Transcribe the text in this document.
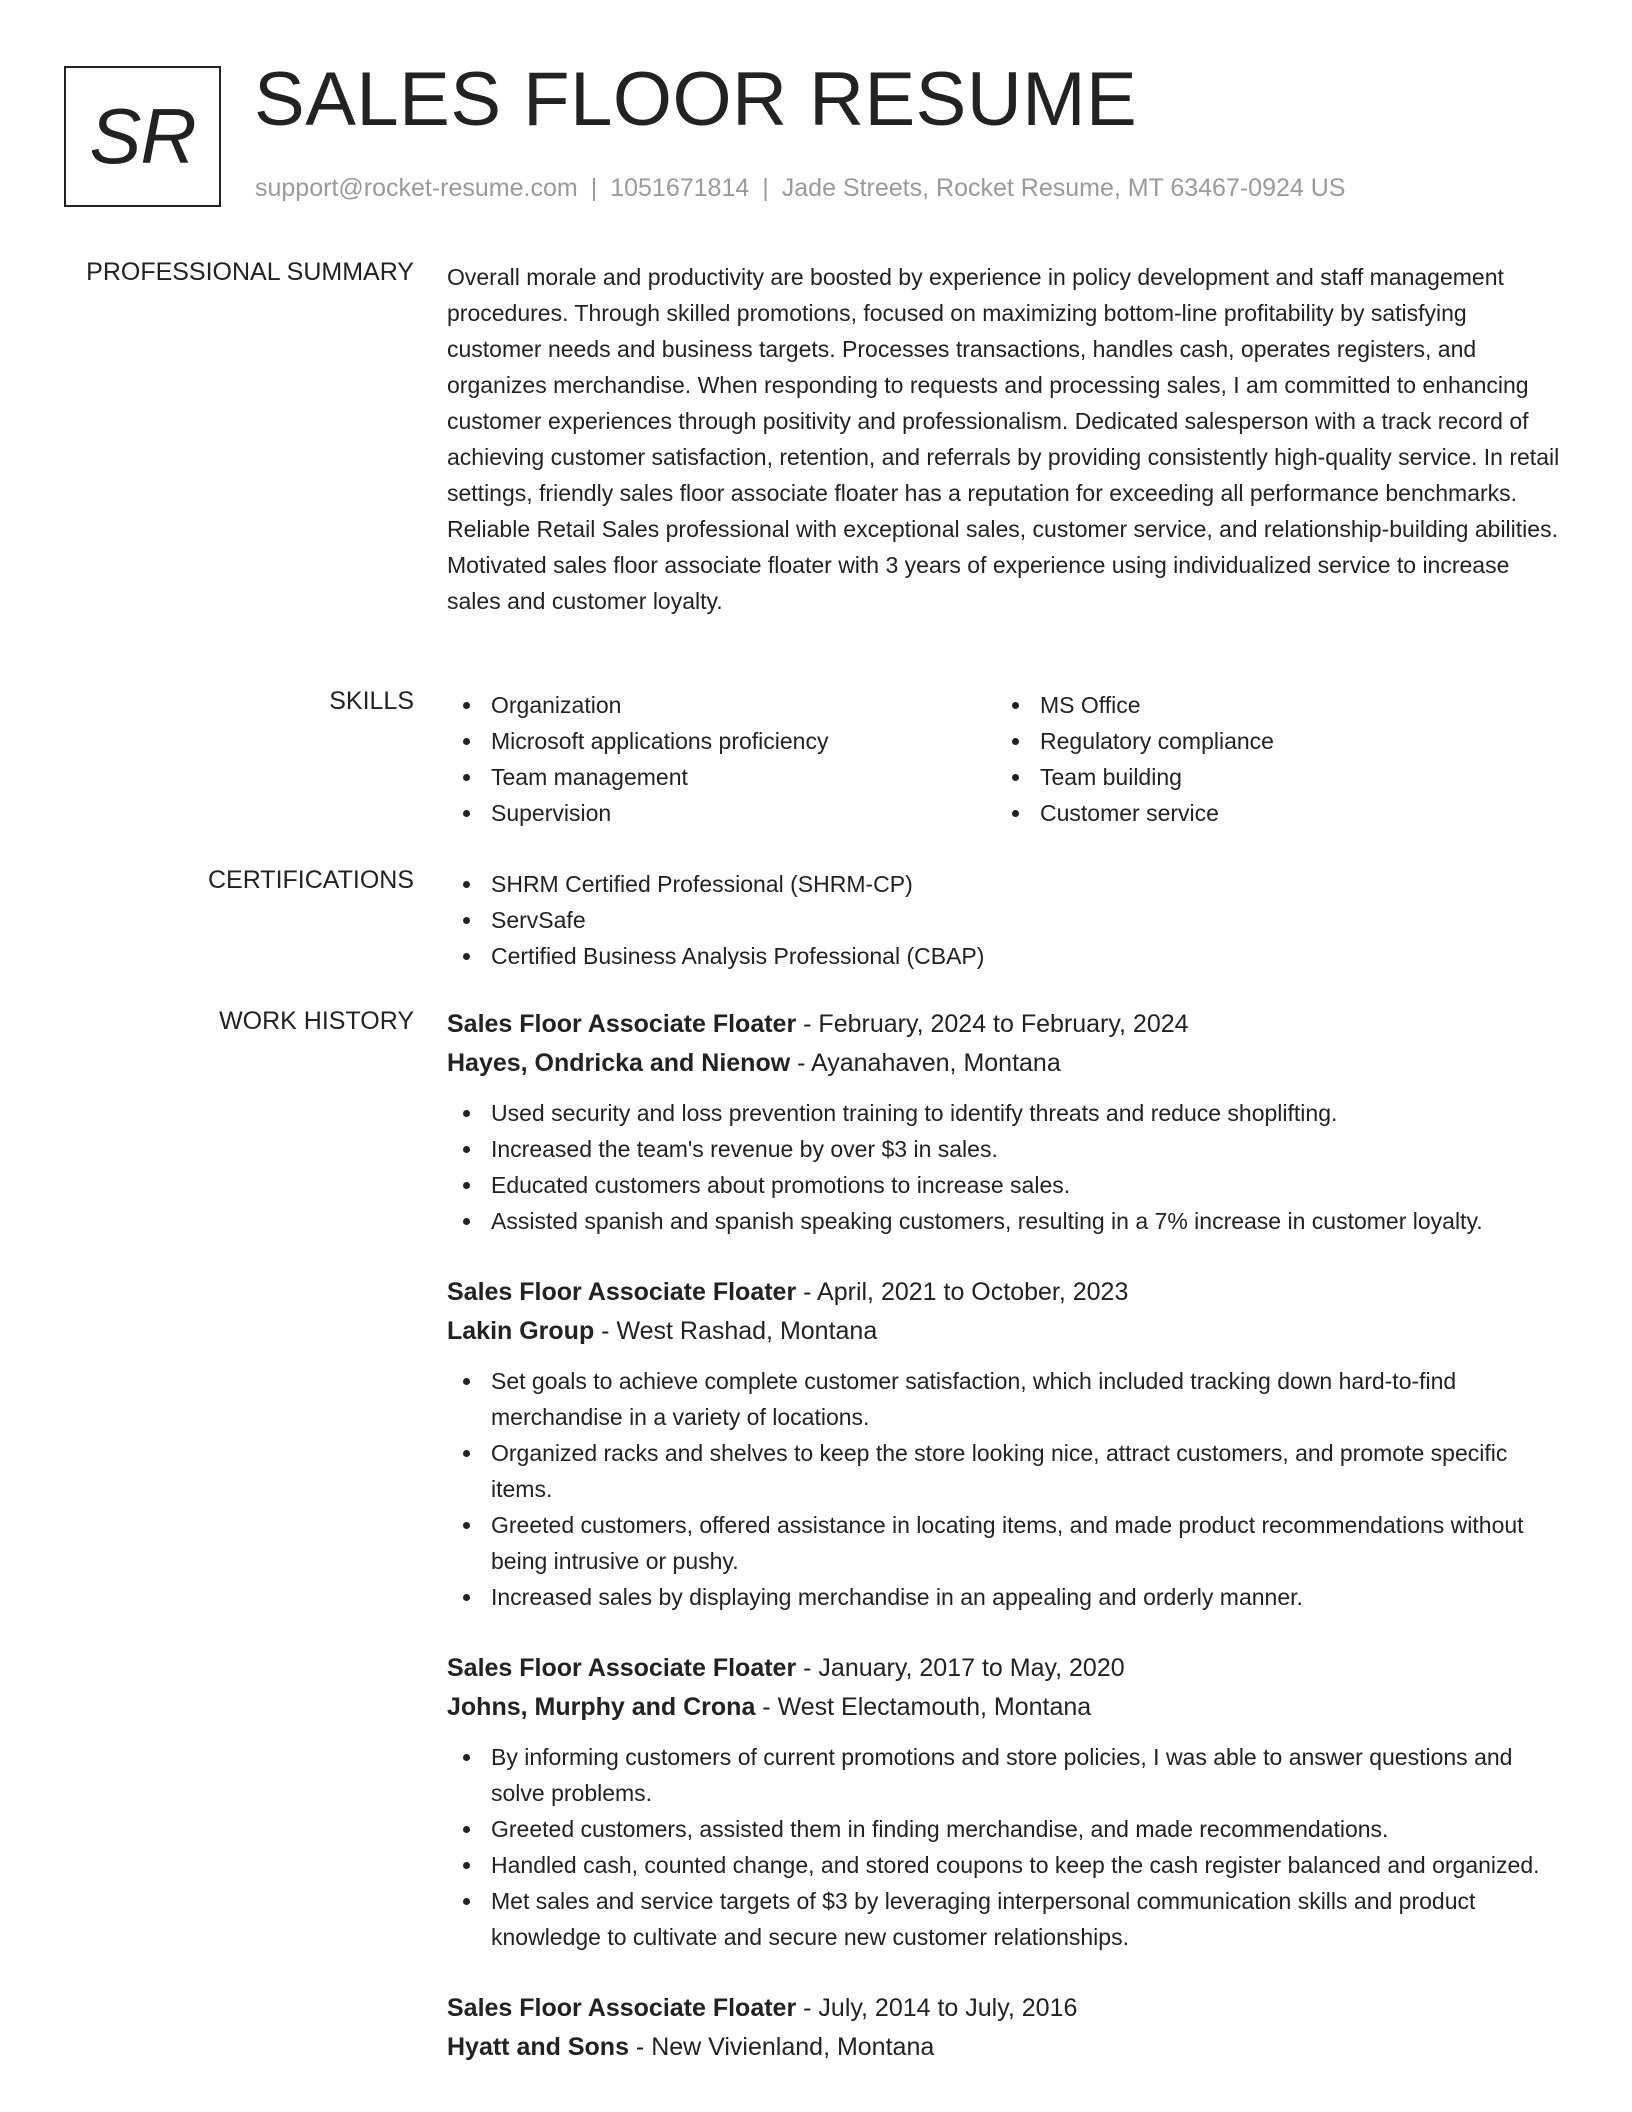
SR SALES FLOOR RESUME
support@rocket-resume.com | 1051671814 | Jade Streets, Rocket Resume, MT 63467-0924 US
PROFESSIONAL SUMMARY Overall morale and productivity are boosted by experience in policy development and staff management procedures. Through skilled promotions, focused on maximizing bottom-line profitability by satisfying customer needs and business targets. Processes transactions, handles cash, operates registers, and organizes merchandise. When responding to requests and processing sales, I am committed to enhancing customer experiences through positivity and professionalism. Dedicated salesperson with a track record of achieving customer satisfaction, retention, and referrals by providing consistently high-quality service. In retail settings, friendly sales floor associate floater has a reputation for exceeding all performance benchmarks. Reliable Retail Sales professional with exceptional sales, customer service, and relationship-building abilities. Motivated sales floor associate floater with 3 years of experience using individualized service to increase sales and customer loyalty.

SKILLS	Organization
Microsoft applications proficiency
Team management
Supervision
MS Office
Regulatory compliance
Team building
Customer service
CERTIFICATIONS	SHRM Certified Professional (SHRM-CP)
ServSafe
Certified Business Analysis Professional (CBAP)
WORK HISTORY Sales Floor Associate Floater - February, 2024 to February, 2024
Hayes, Ondricka and Nienow - Ayanahaven, Montana
Used security and loss prevention training to identify threats and reduce shoplifting.
Increased the team's revenue by over $3 in sales.
Educated customers about promotions to increase sales.
Assisted spanish and spanish speaking customers, resulting in a 7% increase in customer loyalty.
Sales Floor Associate Floater - April, 2021 to October, 2023
Lakin Group - West Rashad, Montana
Set goals to achieve complete customer satisfaction, which included tracking down hard-to-find merchandise in a variety of locations.
Organized racks and shelves to keep the store looking nice, attract customers, and promote specific items.
Greeted customers, offered assistance in locating items, and made product recommendations without being intrusive or pushy.
Increased sales by displaying merchandise in an appealing and orderly manner.
Sales Floor Associate Floater - January, 2017 to May, 2020
Johns, Murphy and Crona - West Electamouth, Montana
By informing customers of current promotions and store policies, I was able to answer questions and solve problems.
Greeted customers, assisted them in finding merchandise, and made recommendations.
Handled cash, counted change, and stored coupons to keep the cash register balanced and organized.
Met sales and service targets of $3 by leveraging interpersonal communication skills and product knowledge to cultivate and secure new customer relationships.
Sales Floor Associate Floater - July, 2014 to July, 2016
Hyatt and Sons - New Vivienland, Montana
